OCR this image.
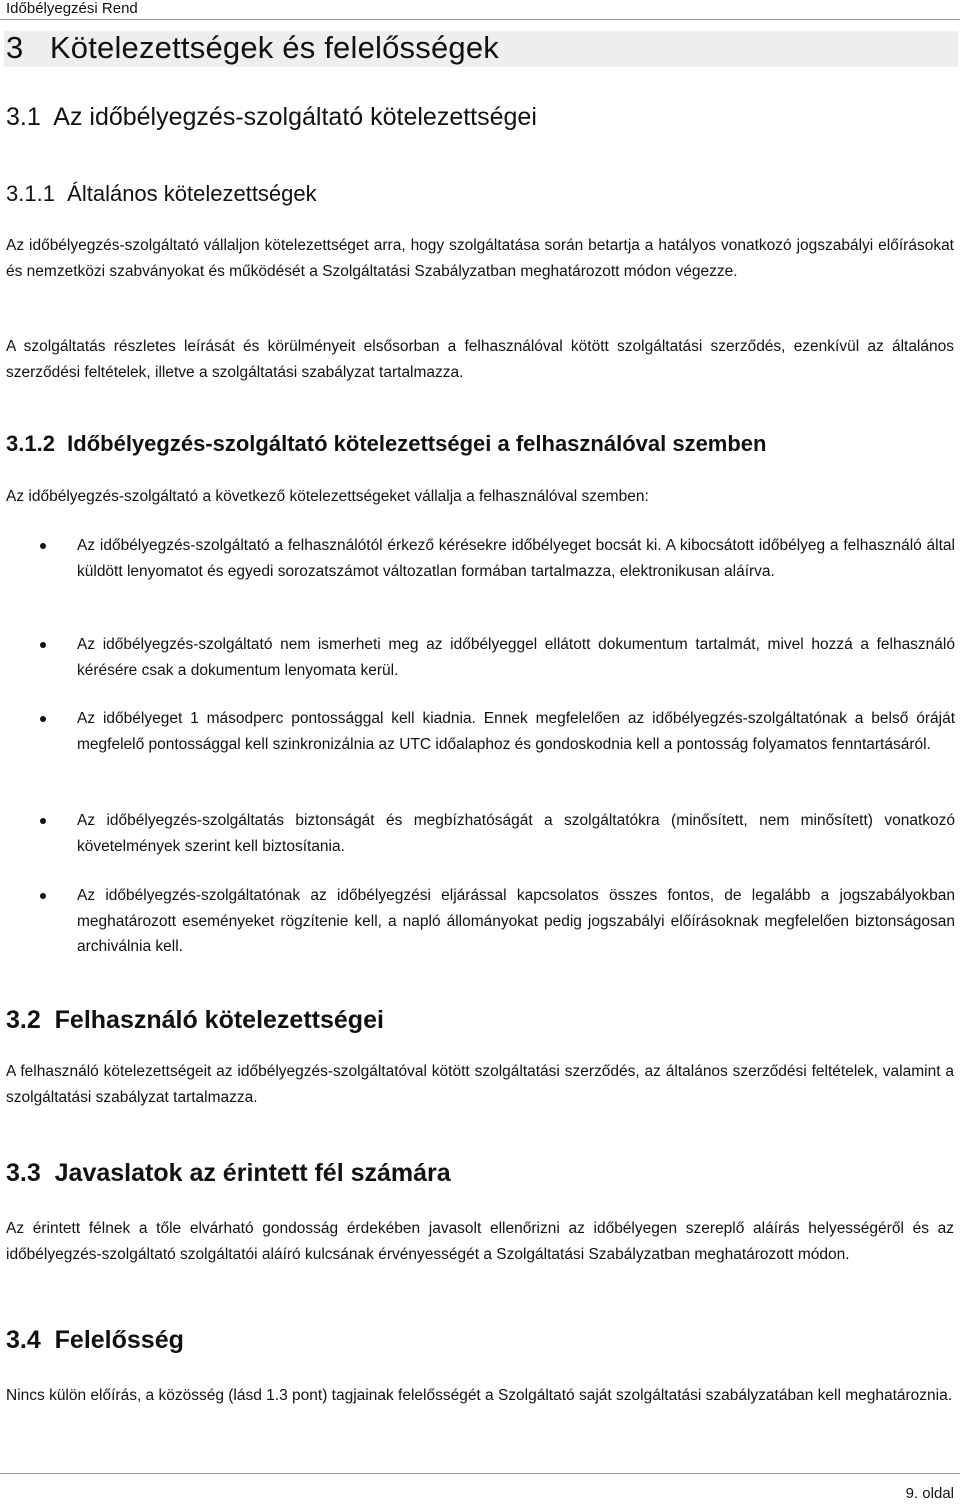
Időbélyegzési Rend
3   Kötelezettségek és felelősségek
3.1  Az időbélyegzés-szolgáltató kötelezettségei
3.1.1  Általános kötelezettségek

Az időbélyegzés-szolgáltató vállaljon kötelezettséget arra, hogy szolgáltatása során betartja a hatályos vonatkozó jogszabályi előírásokat és nemzetközi szabványokat és működését a Szolgáltatási Szabályzatban meghatározott módon végezze.

A szolgáltatás részletes leírását és körülményeit elsősorban a felhasználóval kötött szolgáltatási szerződés, ezenkívül az általános szerződési feltételek, illetve a szolgáltatási szabályzat tartalmazza.

3.1.2  Időbélyegzés-szolgáltató kötelezettségei a felhasználóval szemben

Az időbélyegzés-szolgáltató a következő kötelezettségeket vállalja a felhasználóval szemben:

Az időbélyegzés-szolgáltató a felhasználótól érkező kérésekre időbélyeget bocsát ki. A kibocsátott időbélyeg a felhasználó által küldött lenyomatot és egyedi sorozatszámot változatlan formában tartalmazza, elektronikusan aláírva.

Az időbélyegzés-szolgáltató nem ismerheti meg az időbélyeggel ellátott dokumentum tartalmát, mivel hozzá a felhasználó kérésére csak a dokumentum lenyomata kerül.

Az időbélyeget 1 másodperc pontossággal kell kiadnia. Ennek megfelelően az időbélyegzés-szolgáltatónak a belső óráját megfelelő pontossággal kell szinkronizálnia az UTC időalaphoz és gondoskodnia kell a pontosság folyamatos fenntartásáról.

Az időbélyegzés-szolgáltatás biztonságát és megbízhatóságát a szolgáltatókra (minősített, nem minősített) vonatkozó követelmények szerint kell biztosítania.

Az időbélyegzés-szolgáltatónak az időbélyegzési eljárással kapcsolatos összes fontos, de legalább a jogszabályokban meghatározott eseményeket rögzítenie kell, a napló állományokat pedig jogszabályi előírásoknak megfelelően biztonságosan archiválnia kell.

3.2  Felhasználó kötelezettségei

A felhasználó kötelezettségeit az időbélyegzés-szolgáltatóval kötött szolgáltatási szerződés, az általános szerződési feltételek, valamint a szolgáltatási szabályzat tartalmazza.

3.3  Javaslatok az érintett fél számára

Az érintett félnek a tőle elvárható gondosság érdekében javasolt ellenőrizni az időbélyegen szereplő aláírás helyességéről és az időbélyegzés-szolgáltató szolgáltatói aláíró kulcsának érvényességét a Szolgáltatási Szabályzatban meghatározott módon.

3.4  Felelősség

Nincs külön előírás, a közösség (lásd 1.3 pont) tagjainak felelősségét a Szolgáltató saját szolgáltatási szabályzatában kell meghatároznia.

9. oldal
